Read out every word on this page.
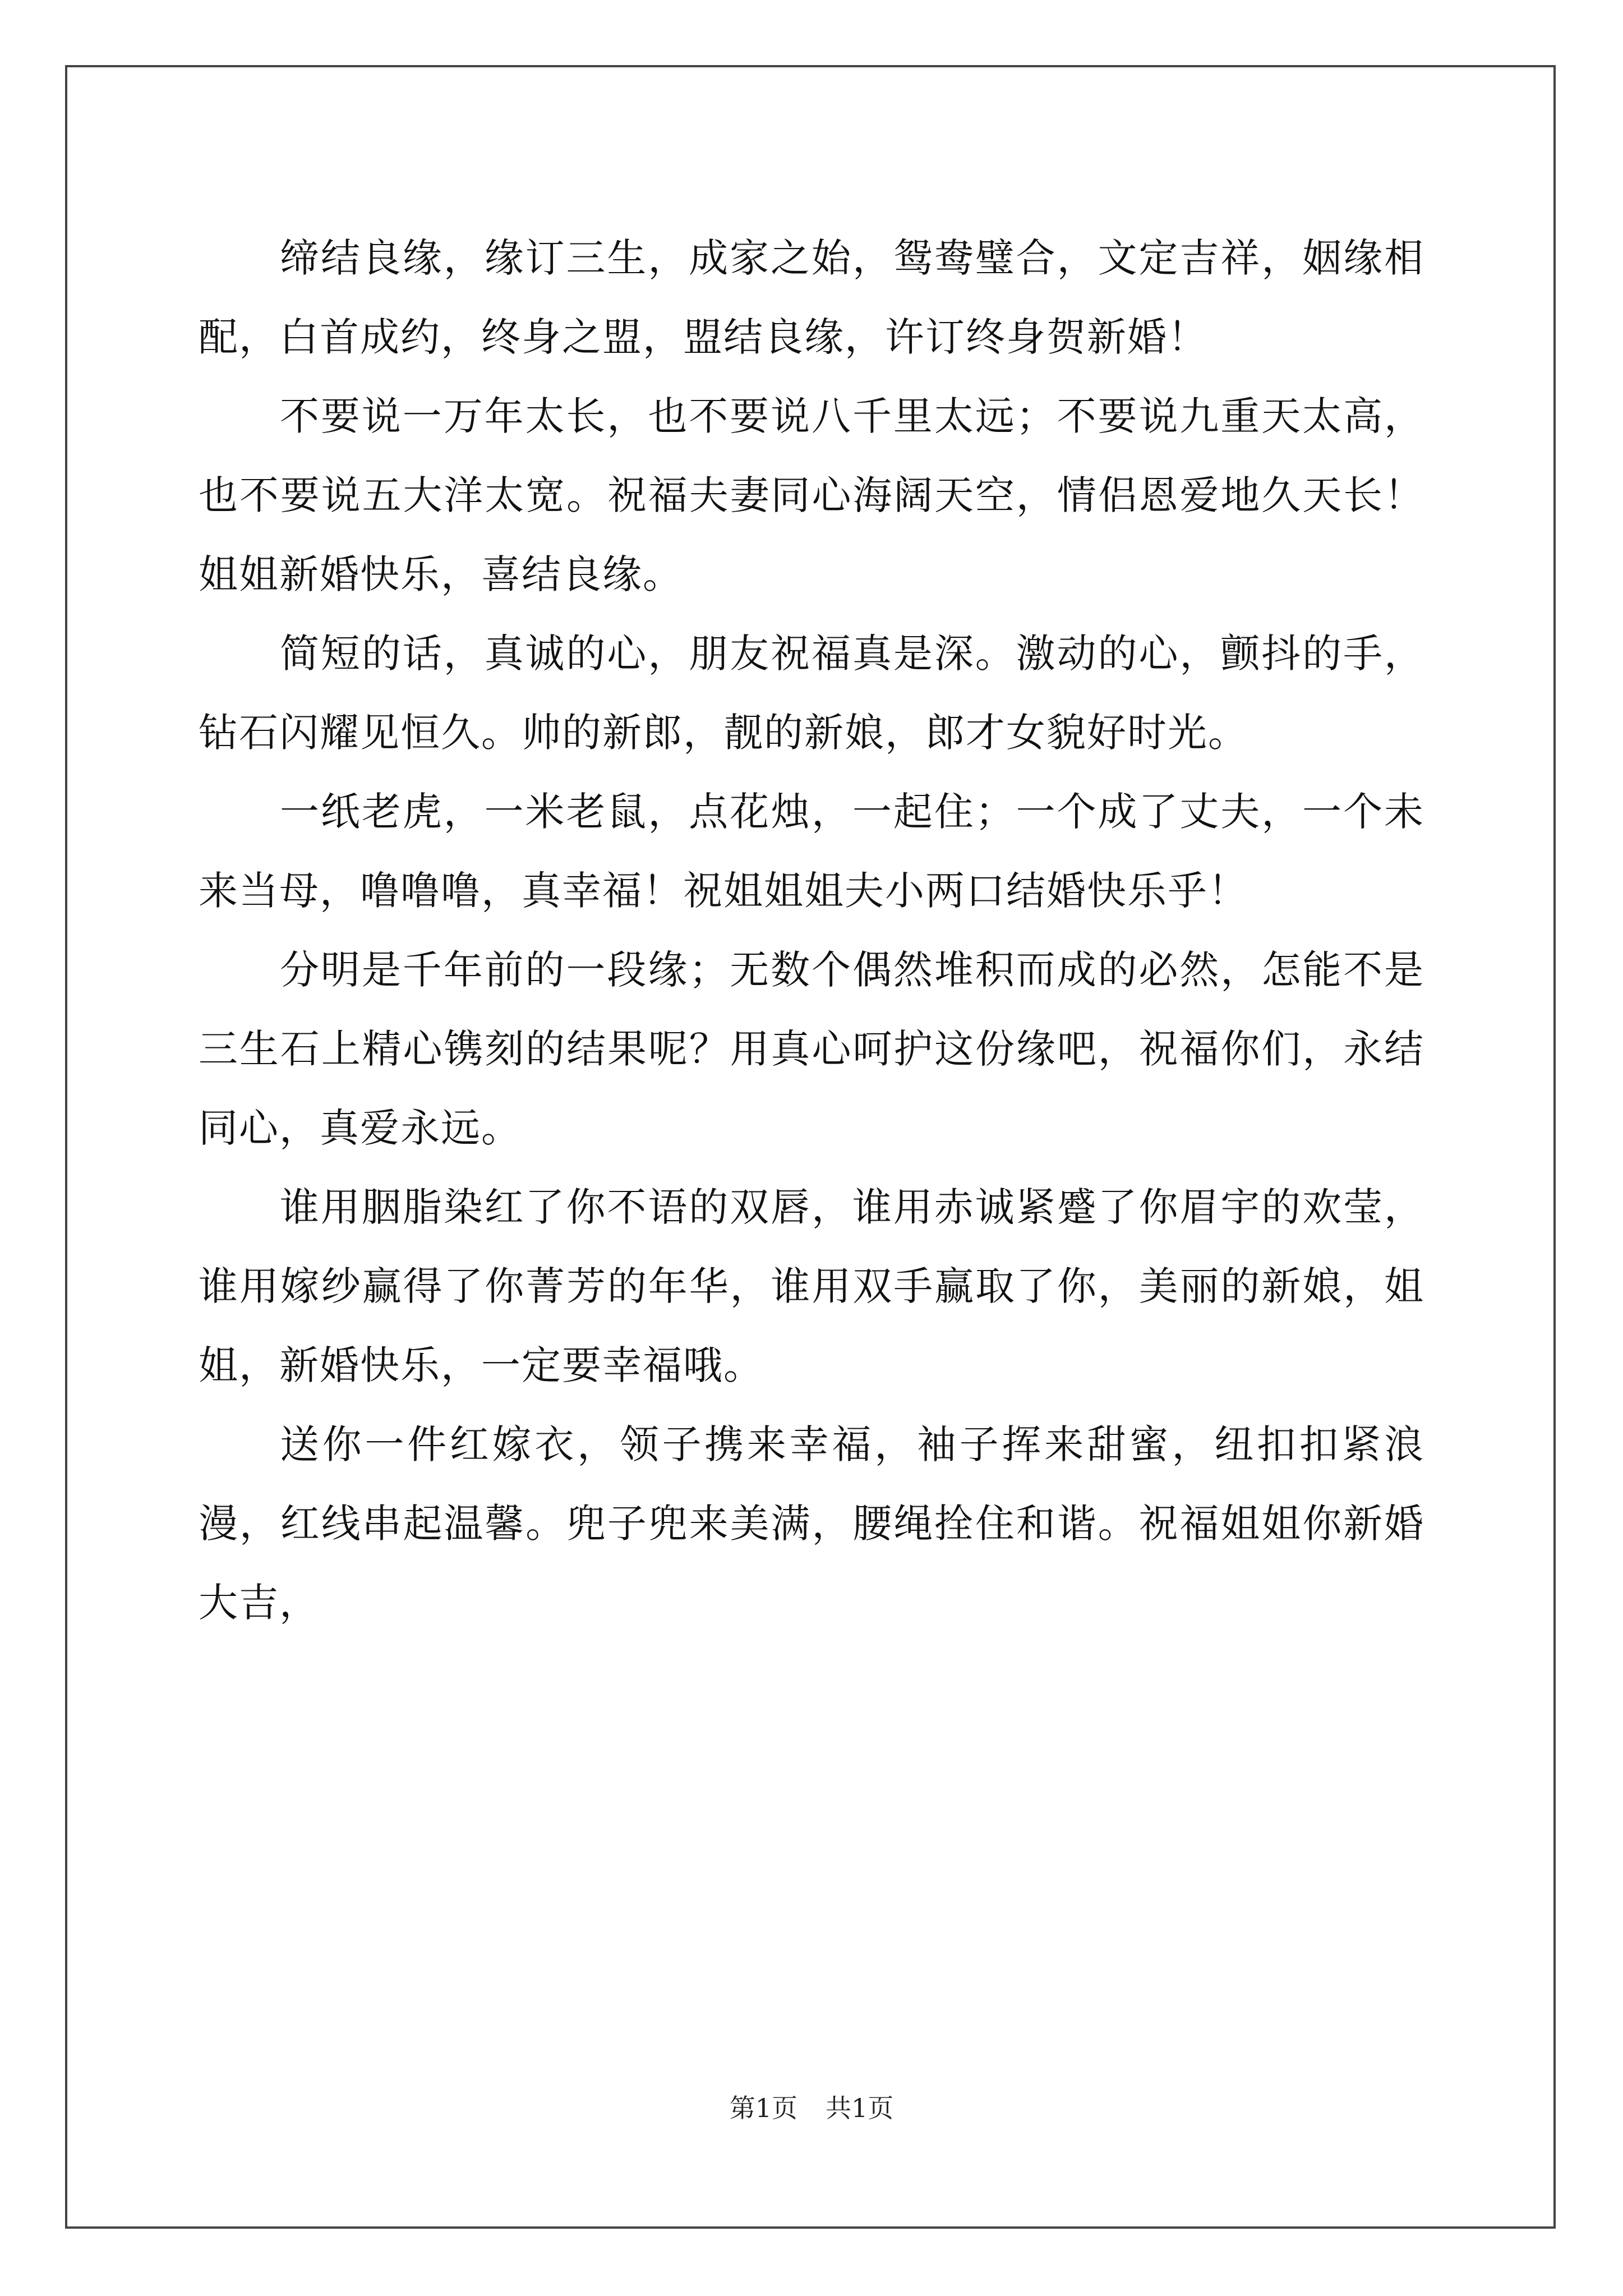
缔结良缘，缘订三生，成家之始，鸳鸯璧合，文定吉祥，姻缘相配，白首成约，终身之盟，盟结良缘，许订终身贺新婚！

不要说一万年太长，也不要说八千里太远；不要说九重天太高，也不要说五大洋太宽。祝福夫妻同心海阔天空，情侣恩爱地久天长！姐姐新婚快乐，喜结良缘。

简短的话，真诚的心，朋友祝福真是深。激动的心，颤抖的手，钻石闪耀见恒久。帅的新郎，靓的新娘，郎才女貌好时光。

一纸老虎，一米老鼠，点花烛，一起住；一个成了丈夫，一个未来当母，噜噜噜，真幸福！祝姐姐姐夫小两口结婚快乐乎！

分明是千年前的一段缘；无数个偶然堆积而成的必然，怎能不是三生石上精心镌刻的结果呢？用真心呵护这份缘吧，祝福你们，永结同心，真爱永远。

谁用胭脂染红了你不语的双唇，谁用赤诚紧蹙了你眉宇的欢莹，谁用嫁纱赢得了你菁芳的年华，谁用双手赢取了你，美丽的新娘，姐姐，新婚快乐，一定要幸福哦。

送你一件红嫁衣，领子携来幸福，袖子挥来甜蜜，纽扣扣紧浪漫，红线串起温馨。兜子兜来美满，腰绳拴住和谐。祝福姐姐你新婚大吉，

第1页 共1页
